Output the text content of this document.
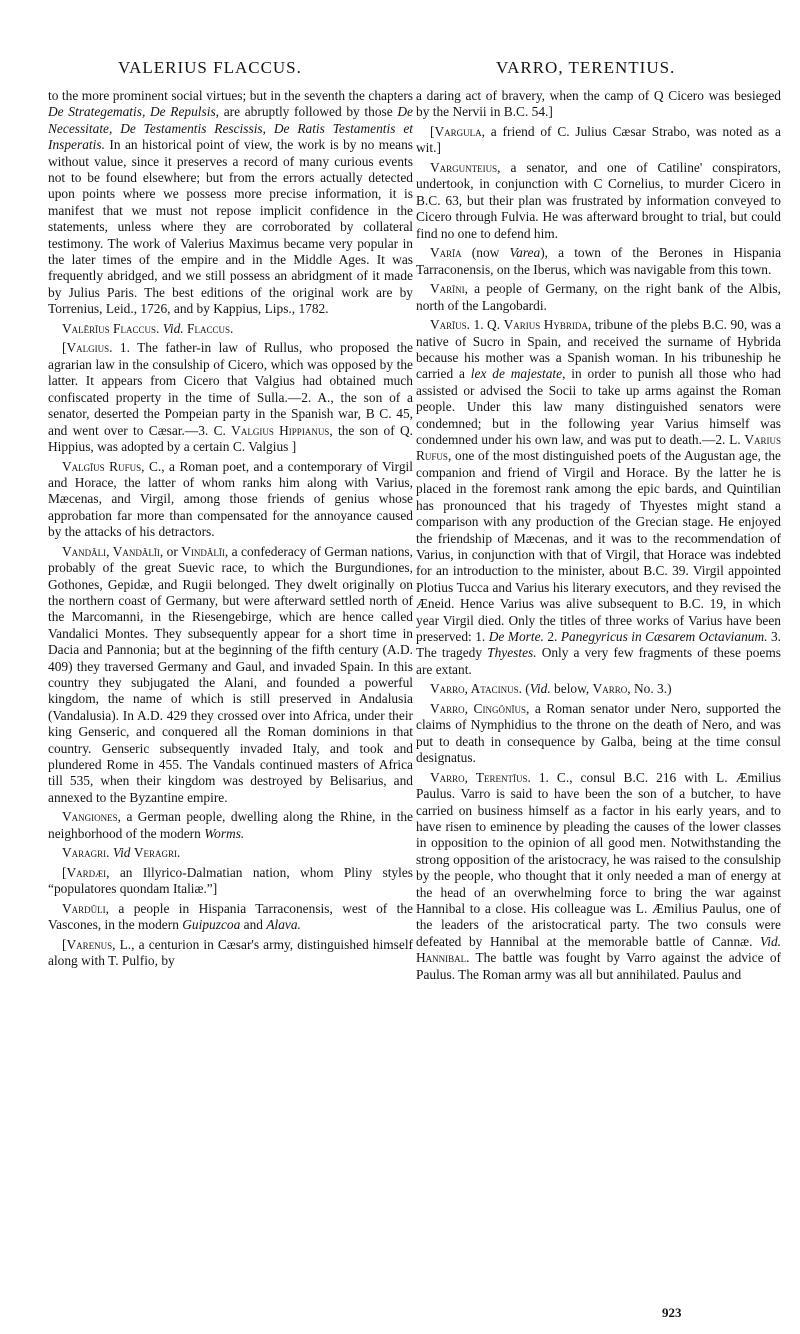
VALERIUS FLACCUS.	VARRO, TERENTIUS.

to the more prominent social virtues; but in the seventh the chapters De Strategematis, De Repulsis, are abruptly followed by those De Necessitate, De Testamentis Rescissis, De Ratis Testamentis et Insperatis. In an historical point of view, the work is by no means without value, since it preserves a record of many curious events not to be found elsewhere; but from the errors actually detected upon points where we possess more precise information, it is manifest that we must not repose implicit confidence in the statements, unless where they are corroborated by collateral testimony. The work of Valerius Maximus became very popular in the later times of the empire and in the Middle Ages. It was frequently abridged, and we still possess an abridgment of it made by Julius Paris. The best editions of the original work are by Torrenius, Leid., 1726, and by Kappius, Lips., 1782.

Valĕrĭus Flaccus. Vid. Flaccus.

[Valgius. 1. The father-in law of Rullus, who proposed the agrarian law in the consulship of Cicero, which was opposed by the latter. It appears from Cicero that Valgius had obtained much confiscated property in the time of Sulla.—2. A., the son of a senator, deserted the Pompeian party in the Spanish war, B C. 45, and went over to Cæsar.—3. C. Valgius Hippianus, the son of Q. Hippius, was adopted by a certain C. Valgius ]

Valgĭus Rufus, C., a Roman poet, and a contemporary of Virgil and Horace, the latter of whom ranks him along with Varius, Mæcenas, and Virgil, among those friends of genius whose approbation far more than compensated for the annoyance caused by the attacks of his detractors.

Vandăli, Vandălĭi, or Vindălĭi, a confederacy of German nations, probably of the great Suevic race, to which the Burgundiones, Gothones, Gepidæ, and Rugii belonged. They dwelt originally on the northern coast of Germany, but were afterward settled north of the Marcomanni, in the Riesengebirge, which are hence called Vandalici Montes. They subsequently appear for a short time in Dacia and Pannonia; but at the beginning of the fifth century (A.D. 409) they traversed Germany and Gaul, and invaded Spain. In this country they subjugated the Alani, and founded a powerful kingdom, the name of which is still preserved in Andalusia (Vandalusia). In A.D. 429 they crossed over into Africa, under their king Genseric, and conquered all the Roman dominions in that country. Genseric subsequently invaded Italy, and took and plundered Rome in 455. The Vandals continued masters of Africa till 535, when their kingdom was destroyed by Belisarius, and annexed to the Byzantine empire.

Vangiones, a German people, dwelling along the Rhine, in the neighborhood of the modern Worms.

Varagri. Vid Veragri.

[Vardæi, an Illyrico-Dalmatian nation, whom Pliny styles “populatores quondam Italiæ.”]

Vardŭli, a people in Hispania Tarraconensis, west of the Vascones, in the modern Guipuzcoa and Alava.

[Varenus, L., a centurion in Cæsar's army, distinguished himself along with T. Pulfio, by

a daring act of bravery, when the camp of Q Cicero was besieged by the Nervii in B.C. 54.]

[Vargula, a friend of C. Julius Cæsar Strabo, was noted as a wit.]

Vargunteius, a senator, and one of Catiline' conspirators, undertook, in conjunction with C Cornelius, to murder Cicero in B.C. 63, but their plan was frustrated by information conveyed to Cicero through Fulvia. He was afterward brought to trial, but could find no one to defend him.

Varĭa (now Varea), a town of the Berones in Hispania Tarraconensis, on the Iberus, which was navigable from this town.

Varīni, a people of Germany, on the right bank of the Albis, north of the Langobardi.

Varĭus. 1. Q. Varius Hybrida, tribune of the plebs B.C. 90, was a native of Sucro in Spain, and received the surname of Hybrida because his mother was a Spanish woman. In his tribuneship he carried a lex de majestate, in order to punish all those who had assisted or advised the Socii to take up arms against the Roman people. Under this law many distinguished senators were condemned; but in the following year Varius himself was condemned under his own law, and was put to death.—2. L. Varius Rufus, one of the most distinguished poets of the Augustan age, the companion and friend of Virgil and Horace. By the latter he is placed in the foremost rank among the epic bards, and Quintilian has pronounced that his tragedy of Thyestes might stand a comparison with any production of the Grecian stage. He enjoyed the friendship of Mæcenas, and it was to the recommendation of Varius, in conjunction with that of Virgil, that Horace was indebted for an introduction to the minister, about B.C. 39. Virgil appointed Plotius Tucca and Varius his literary executors, and they revised the Æneid. Hence Varius was alive subsequent to B.C. 19, in which year Virgil died. Only the titles of three works of Varius have been preserved: 1. De Morte. 2. Panegyricus in Cæsarem Octavianum. 3. The tragedy Thyestes. Only a very few fragments of these poems are extant.

Varro, Atacinus. (Vid. below, Varro, No. 3.)

Varro, Cingōnĭus, a Roman senator under Nero, supported the claims of Nymphidius to the throne on the death of Nero, and was put to death in consequence by Galba, being at the time consul designatus.

Varro, Terentĭus. 1. C., consul B.C. 216 with L. Æmilius Paulus. Varro is said to have been the son of a butcher, to have carried on business himself as a factor in his early years, and to have risen to eminence by pleading the causes of the lower classes in opposition to the opinion of all good men. Notwithstanding the strong opposition of the aristocracy, he was raised to the consulship by the people, who thought that it only needed a man of energy at the head of an overwhelming force to bring the war against Hannibal to a close. His colleague was L. Æmilius Paulus, one of the leaders of the aristocratical party. The two consuls were defeated by Hannibal at the memorable battle of Cannæ. Vid. Hannibal. The battle was fought by Varro against the advice of Paulus. The Roman army was all but annihilated. Paulus and

923
